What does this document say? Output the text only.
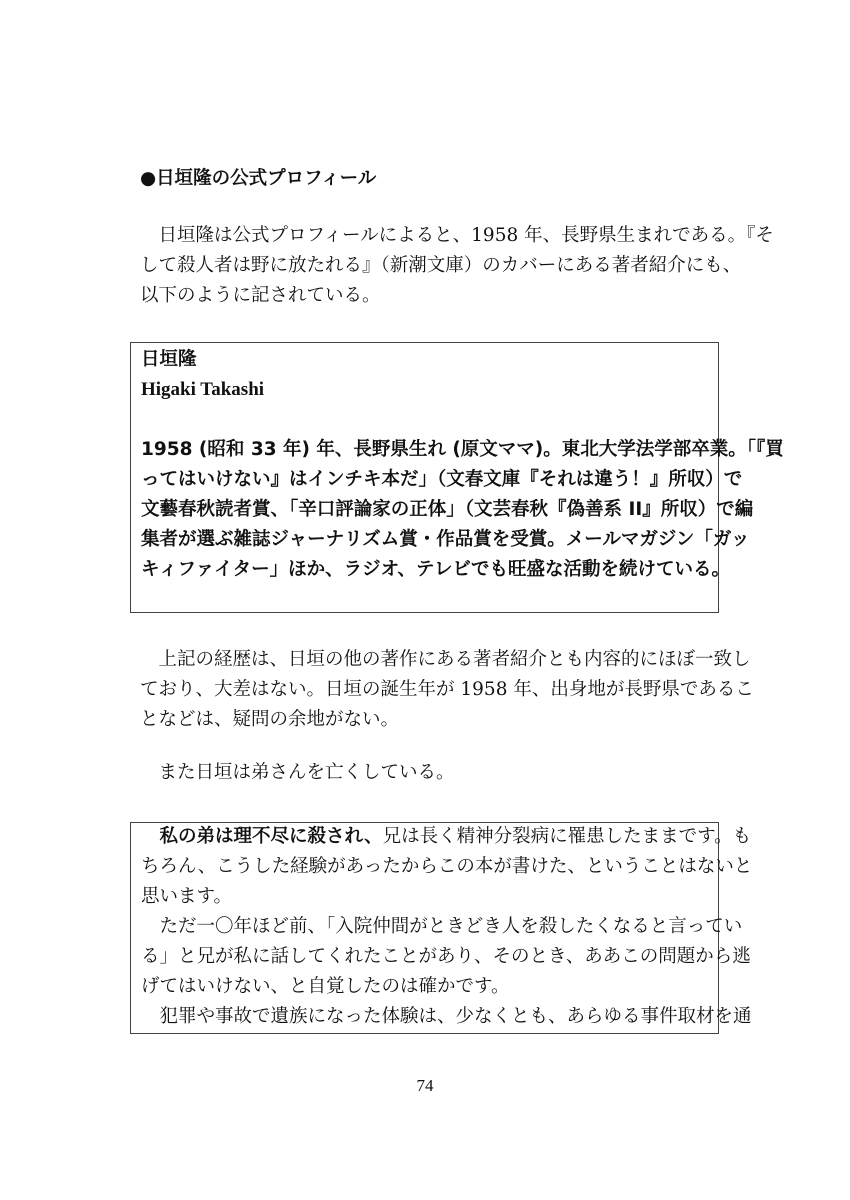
●日垣隆の公式プロフィール
　日垣隆は公式プロフィールによると、1958 年、長野県生まれである。『そ
して殺人者は野に放たれる』（新潮文庫）のカバーにある著者紹介にも、
以下のように記されている。
日垣隆
Higaki Takashi
1958 (昭和 33 年) 年、長野県生れ (原文ママ)。東北大学法学部卒業。「『買
ってはいけない』はインチキ本だ」（文春文庫『それは違う！』所収）で
文藝春秋読者賞、「辛口評論家の正体」（文芸春秋『偽善系 II』所収）で編
集者が選ぶ雑誌ジャーナリズム賞・作品賞を受賞。メールマガジン「ガッ
キィファイター」ほか、ラジオ、テレビでも旺盛な活動を続けている。
　上記の経歴は、日垣の他の著作にある著者紹介とも内容的にほぼ一致し
ており、大差はない。日垣の誕生年が 1958 年、出身地が長野県であるこ
となどは、疑問の余地がない。
　また日垣は弟さんを亡くしている。
　私の弟は理不尽に殺され、兄は長く精神分裂病に罹患したままです。も
ちろん、こうした経験があったからこの本が書けた、ということはないと
思います。
　ただ一〇年ほど前、「入院仲間がときどき人を殺したくなると言ってい
る」と兄が私に話してくれたことがあり、そのとき、ああこの問題から逃
げてはいけない、と自覚したのは確かです。
　犯罪や事故で遺族になった体験は、少なくとも、あらゆる事件取材を通
74
